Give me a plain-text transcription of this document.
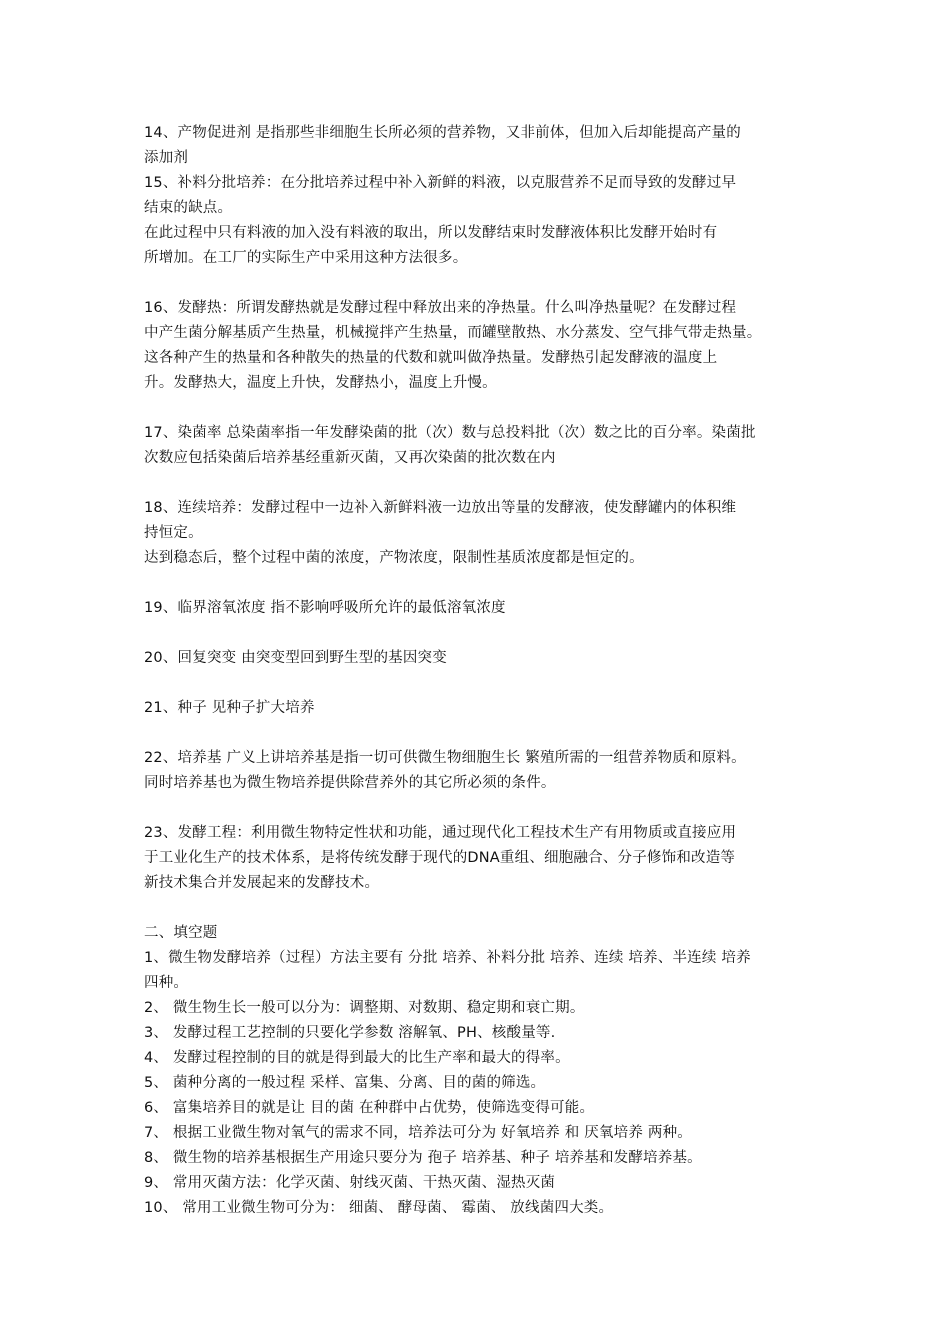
14、产物促进剂 是指那些非细胞生长所必须的营养物，又非前体，但加入后却能提高产量的
添加剂
15、补料分批培养：在分批培养过程中补入新鲜的料液，以克服营养不足而导致的发酵过早
结束的缺点。
在此过程中只有料液的加入没有料液的取出，所以发酵结束时发酵液体积比发酵开始时有
所增加。在工厂的实际生产中采用这种方法很多。
16、发酵热：所谓发酵热就是发酵过程中释放出来的净热量。什么叫净热量呢？在发酵过程
中产生菌分解基质产生热量，机械搅拌产生热量，而罐壁散热、水分蒸发、空气排气带走热量。
这各种产生的热量和各种散失的热量的代数和就叫做净热量。发酵热引起发酵液的温度上
升。发酵热大，温度上升快，发酵热小，温度上升慢。
17、染菌率 总染菌率指一年发酵染菌的批（次）数与总投料批（次）数之比的百分率。染菌批
次数应包括染菌后培养基经重新灭菌，又再次染菌的批次数在内
18、连续培养：发酵过程中一边补入新鲜料液一边放出等量的发酵液，使发酵罐内的体积维
持恒定。
达到稳态后，整个过程中菌的浓度，产物浓度，限制性基质浓度都是恒定的。
19、临界溶氧浓度 指不影响呼吸所允许的最低溶氧浓度
20、回复突变 由突变型回到野生型的基因突变
21、种子 见种子扩大培养
22、培养基 广义上讲培养基是指一切可供微生物细胞生长 繁殖所需的一组营养物质和原料。
同时培养基也为微生物培养提供除营养外的其它所必须的条件。
23、发酵工程：利用微生物特定性状和功能，通过现代化工程技术生产有用物质或直接应用
于工业化生产的技术体系，是将传统发酵于现代的DNA重组、细胞融合、分子修饰和改造等
新技术集合并发展起来的发酵技术。
二、填空题
1、微生物发酵培养（过程）方法主要有 分批 培养、补料分批 培养、连续 培养、半连续 培养
四种。
2、 微生物生长一般可以分为：调整期、对数期、稳定期和衰亡期。
3、 发酵过程工艺控制的只要化学参数 溶解氧、PH、核酸量等.
4、 发酵过程控制的目的就是得到最大的比生产率和最大的得率。
5、 菌种分离的一般过程 采样、富集、分离、目的菌的筛选。
6、 富集培养目的就是让 目的菌 在种群中占优势，使筛选变得可能。
7、 根据工业微生物对氧气的需求不同，培养法可分为 好氧培养 和 厌氧培养 两种。
8、 微生物的培养基根据生产用途只要分为 孢子 培养基、种子 培养基和发酵培养基。
9、 常用灭菌方法：化学灭菌、射线灭菌、干热灭菌、湿热灭菌
10、 常用工业微生物可分为： 细菌、 酵母菌、 霉菌、 放线菌四大类。
